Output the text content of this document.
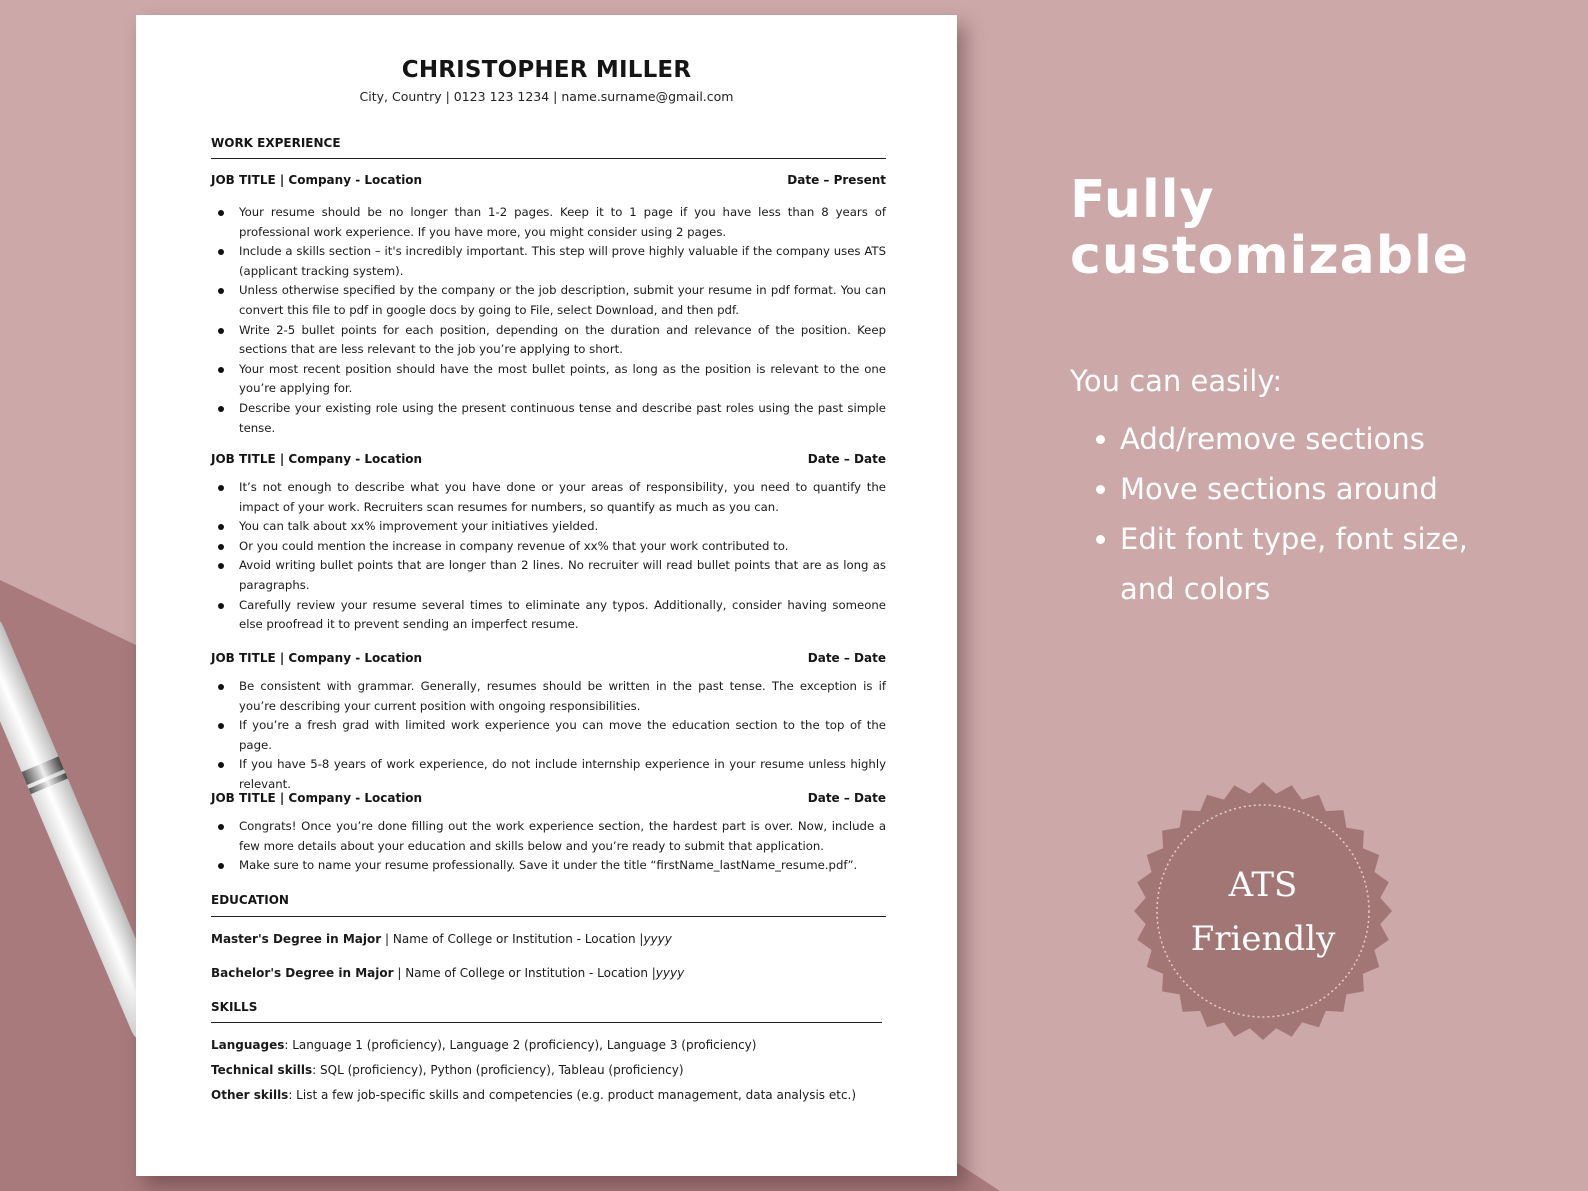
CHRISTOPHER MILLER
City, Country | 0123 123 1234 | name.surname@gmail.com
WORK EXPERIENCE
JOB TITLE | Company - Location	Date – Present
Your resume should be no longer than 1-2 pages. Keep it to 1 page if you have less than 8 years of professional work experience. If you have more, you might consider using 2 pages.
Include a skills section – it's incredibly important. This step will prove highly valuable if the company uses ATS (applicant tracking system).
Unless otherwise specified by the company or the job description, submit your resume in pdf format. You can convert this file to pdf in google docs by going to File, select Download, and then pdf.
Write 2-5 bullet points for each position, depending on the duration and relevance of the position. Keep sections that are less relevant to the job you’re applying to short.
Your most recent position should have the most bullet points, as long as the position is relevant to the one you’re applying for.
Describe your existing role using the present continuous tense and describe past roles using the past simple tense.
JOB TITLE | Company - Location	Date – Date
It’s not enough to describe what you have done or your areas of responsibility, you need to quantify the impact of your work. Recruiters scan resumes for numbers, so quantify as much as you can.
You can talk about xx% improvement your initiatives yielded.
Or you could mention the increase in company revenue of xx% that your work contributed to.
Avoid writing bullet points that are longer than 2 lines. No recruiter will read bullet points that are as long as paragraphs.
Carefully review your resume several times to eliminate any typos. Additionally, consider having someone else proofread it to prevent sending an imperfect resume.
JOB TITLE | Company - Location	Date – Date
Be consistent with grammar. Generally, resumes should be written in the past tense. The exception is if you’re describing your current position with ongoing responsibilities.
If you’re a fresh grad with limited work experience you can move the education section to the top of the page.
If you have 5-8 years of work experience, do not include internship experience in your resume unless highly relevant.
JOB TITLE | Company - Location	Date – Date
Congrats! Once you’re done filling out the work experience section, the hardest part is over. Now, include a few more details about your education and skills below and you’re ready to submit that application.
Make sure to name your resume professionally. Save it under the title “firstName_lastName_resume.pdf”.
EDUCATION
Master's Degree in Major | Name of College or Institution - Location |yyyy
Bachelor's Degree in Major | Name of College or Institution - Location |yyyy
SKILLS
Languages: Language 1 (proficiency), Language 2 (proficiency), Language 3 (proficiency)
Technical skills: SQL (proficiency), Python (proficiency), Tableau (proficiency)
Other skills: List a few job-specific skills and competencies (e.g. product management, data analysis etc.)
Fully
customizable
You can easily:
Add/remove sections
Move sections around
Edit font type, font size, and colors
ATS
Friendly
